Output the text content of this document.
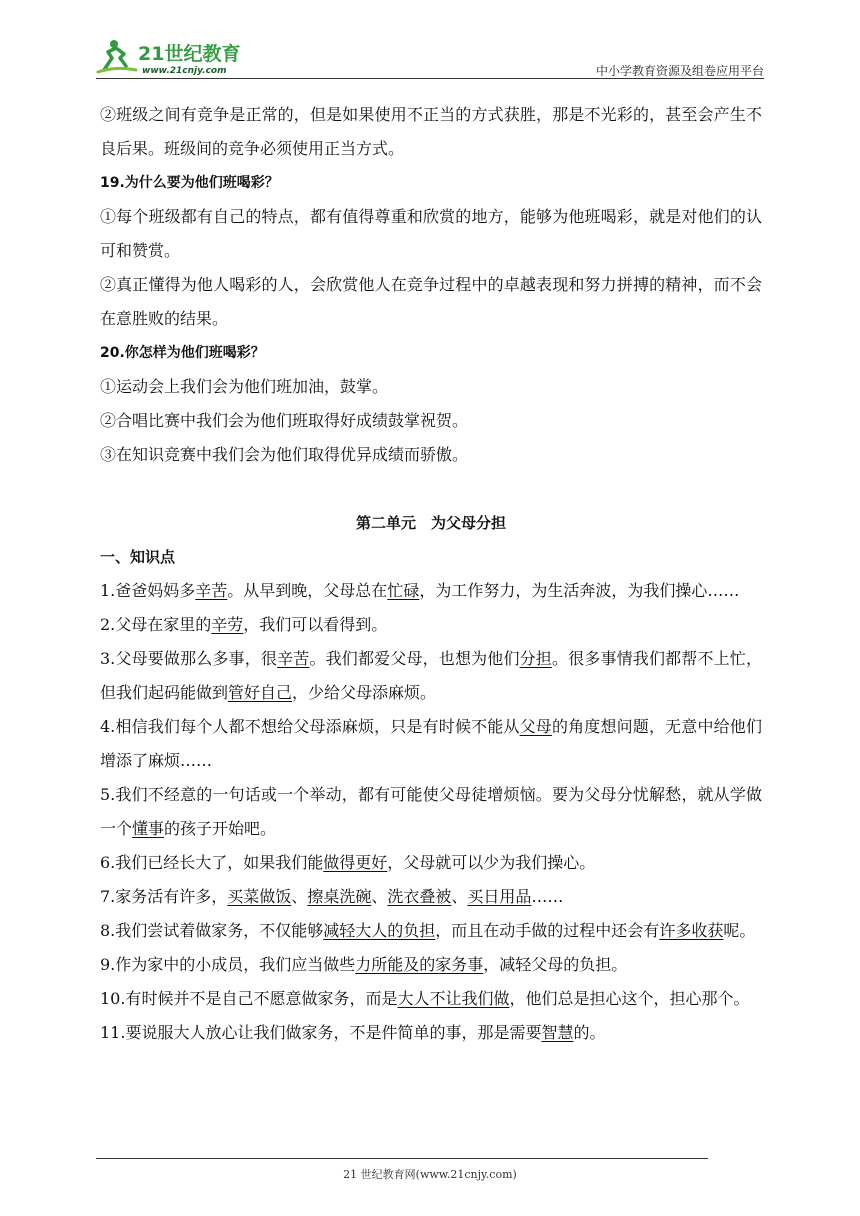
21世纪教育
www.21cnjy.com	中小学教育资源及组卷应用平台

②班级之间有竞争是正常的，但是如果使用不正当的方式获胜，那是不光彩的，甚至会产生不良后果。班级间的竞争必须使用正当方式。

19.为什么要为他们班喝彩？

①每个班级都有自己的特点，都有值得尊重和欣赏的地方，能够为他班喝彩，就是对他们的认可和赞赏。

②真正懂得为他人喝彩的人，会欣赏他人在竞争过程中的卓越表现和努力拼搏的精神，而不会在意胜败的结果。

20.你怎样为他们班喝彩？

①运动会上我们会为他们班加油，鼓掌。

②合唱比赛中我们会为他们班取得好成绩鼓掌祝贺。

③在知识竞赛中我们会为他们取得优异成绩而骄傲。

第二单元　为父母分担

一、知识点

1.爸爸妈妈多辛苦。从早到晚，父母总在忙碌，为工作努力，为生活奔波，为我们操心……

2.父母在家里的辛劳，我们可以看得到。

3.父母要做那么多事，很辛苦。我们都爱父母，也想为他们分担。很多事情我们都帮不上忙，但我们起码能做到管好自己，少给父母添麻烦。

4.相信我们每个人都不想给父母添麻烦，只是有时候不能从父母的角度想问题，无意中给他们增添了麻烦……

5.我们不经意的一句话或一个举动，都有可能使父母徒增烦恼。要为父母分忧解愁，就从学做一个懂事的孩子开始吧。

6.我们已经长大了，如果我们能做得更好，父母就可以少为我们操心。

7.家务活有许多，买菜做饭、擦桌洗碗、洗衣叠被、买日用品……

8.我们尝试着做家务，不仅能够减轻大人的负担，而且在动手做的过程中还会有许多收获呢。

9.作为家中的小成员，我们应当做些力所能及的家务事，减轻父母的负担。

10.有时候并不是自己不愿意做家务，而是大人不让我们做，他们总是担心这个，担心那个。

11.要说服大人放心让我们做家务，不是件简单的事，那是需要智慧的。

21 世纪教育网(www.21cnjy.com)
